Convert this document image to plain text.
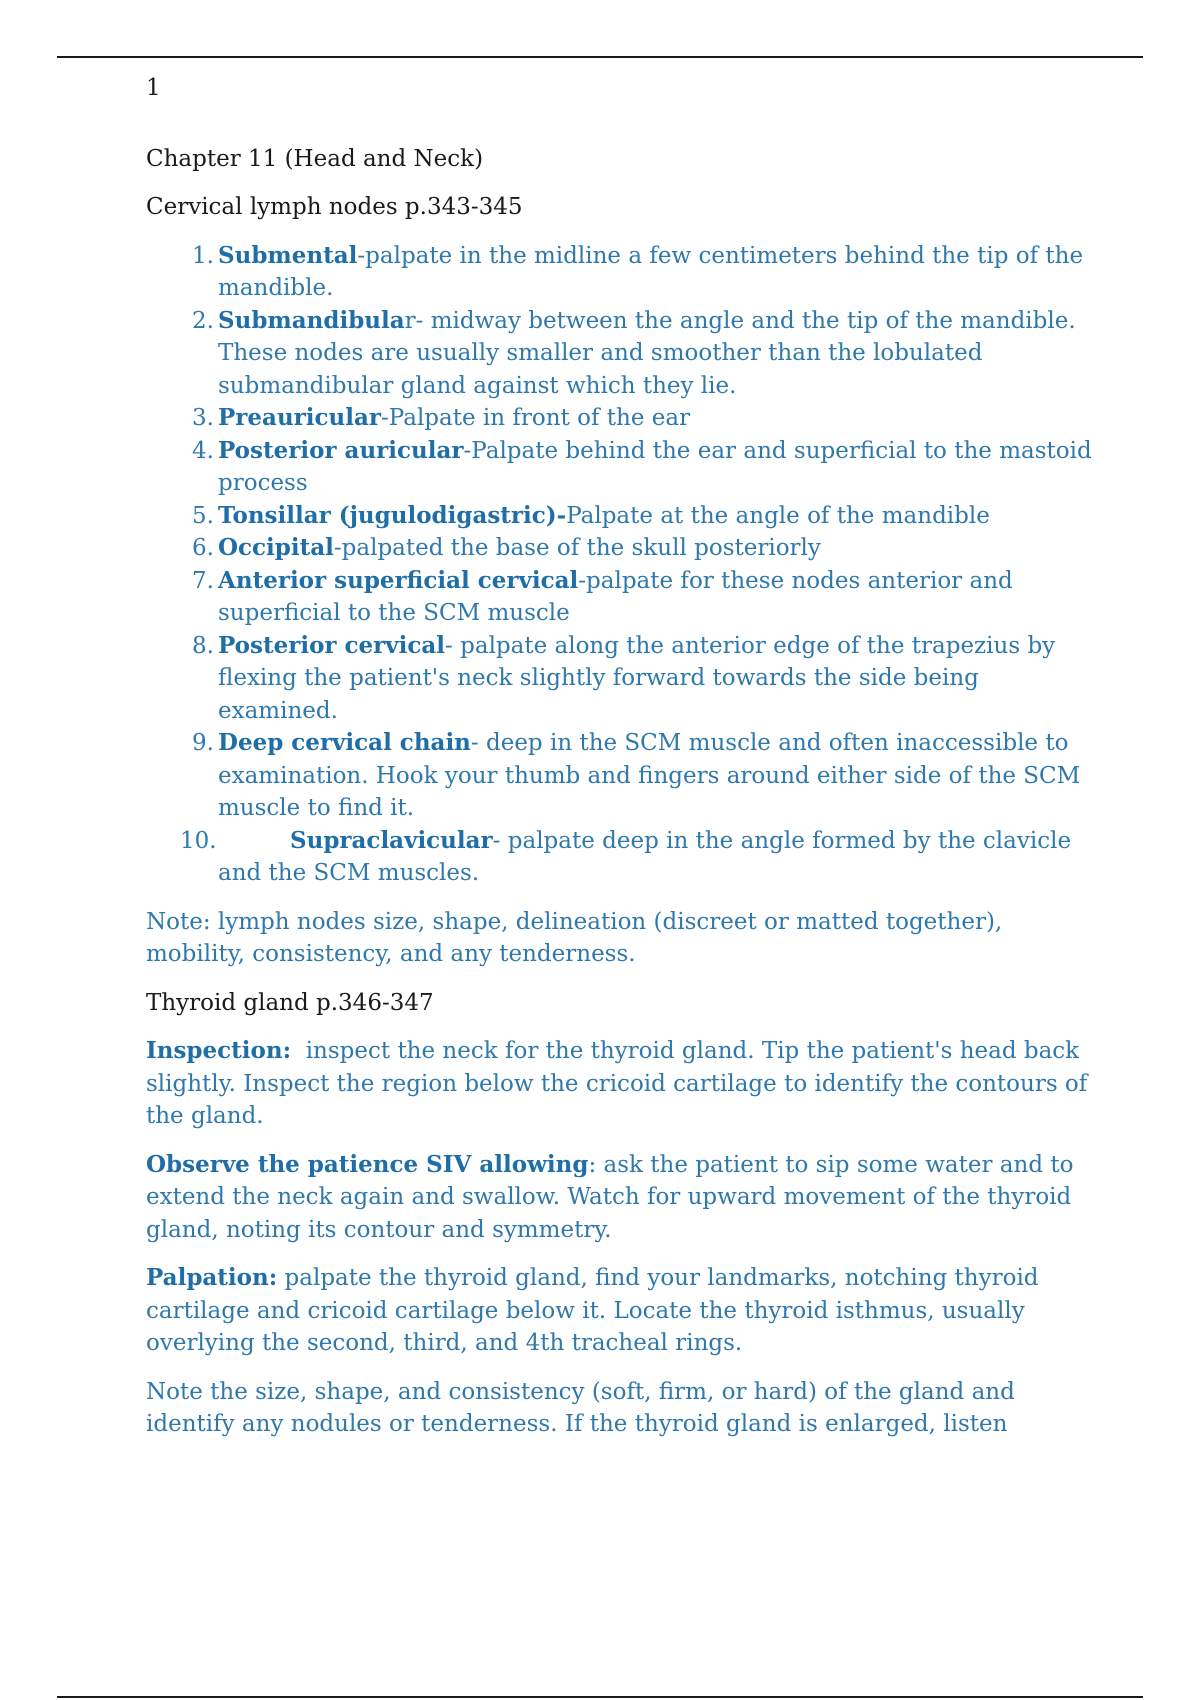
1
Chapter 11 (Head and Neck)
Cervical lymph nodes p.343-345
1. Submental-palpate in the midline a few centimeters behind the tip of the mandible.
2. Submandibular- midway between the angle and the tip of the mandible. These nodes are usually smaller and smoother than the lobulated submandibular gland against which they lie.
3. Preauricular-Palpate in front of the ear
4. Posterior auricular-Palpate behind the ear and superficial to the mastoid process
5. Tonsillar (jugulodigastric)-Palpate at the angle of the mandible
6. Occipital-palpated the base of the skull posteriorly
7. Anterior superficial cervical-palpate for these nodes anterior and superficial to the SCM muscle
8. Posterior cervical- palpate along the anterior edge of the trapezius by flexing the patient's neck slightly forward towards the side being examined.
9. Deep cervical chain- deep in the SCM muscle and often inaccessible to examination. Hook your thumb and fingers around either side of the SCM muscle to find it.
10.	Supraclavicular- palpate deep in the angle formed by the clavicle and the SCM muscles.

Note: lymph nodes size, shape, delineation (discreet or matted together), mobility, consistency, and any tenderness.

Thyroid gland p.346-347

Inspection:  inspect the neck for the thyroid gland. Tip the patient's head back slightly. Inspect the region below the cricoid cartilage to identify the contours of the gland.

Observe the patience SIV allowing: ask the patient to sip some water and to extend the neck again and swallow. Watch for upward movement of the thyroid gland, noting its contour and symmetry.

Palpation: palpate the thyroid gland, find your landmarks, notching thyroid cartilage and cricoid cartilage below it. Locate the thyroid isthmus, usually overlying the second, third, and 4th tracheal rings.

Note the size, shape, and consistency (soft, firm, or hard) of the gland and identify any nodules or tenderness. If the thyroid gland is enlarged, listen
